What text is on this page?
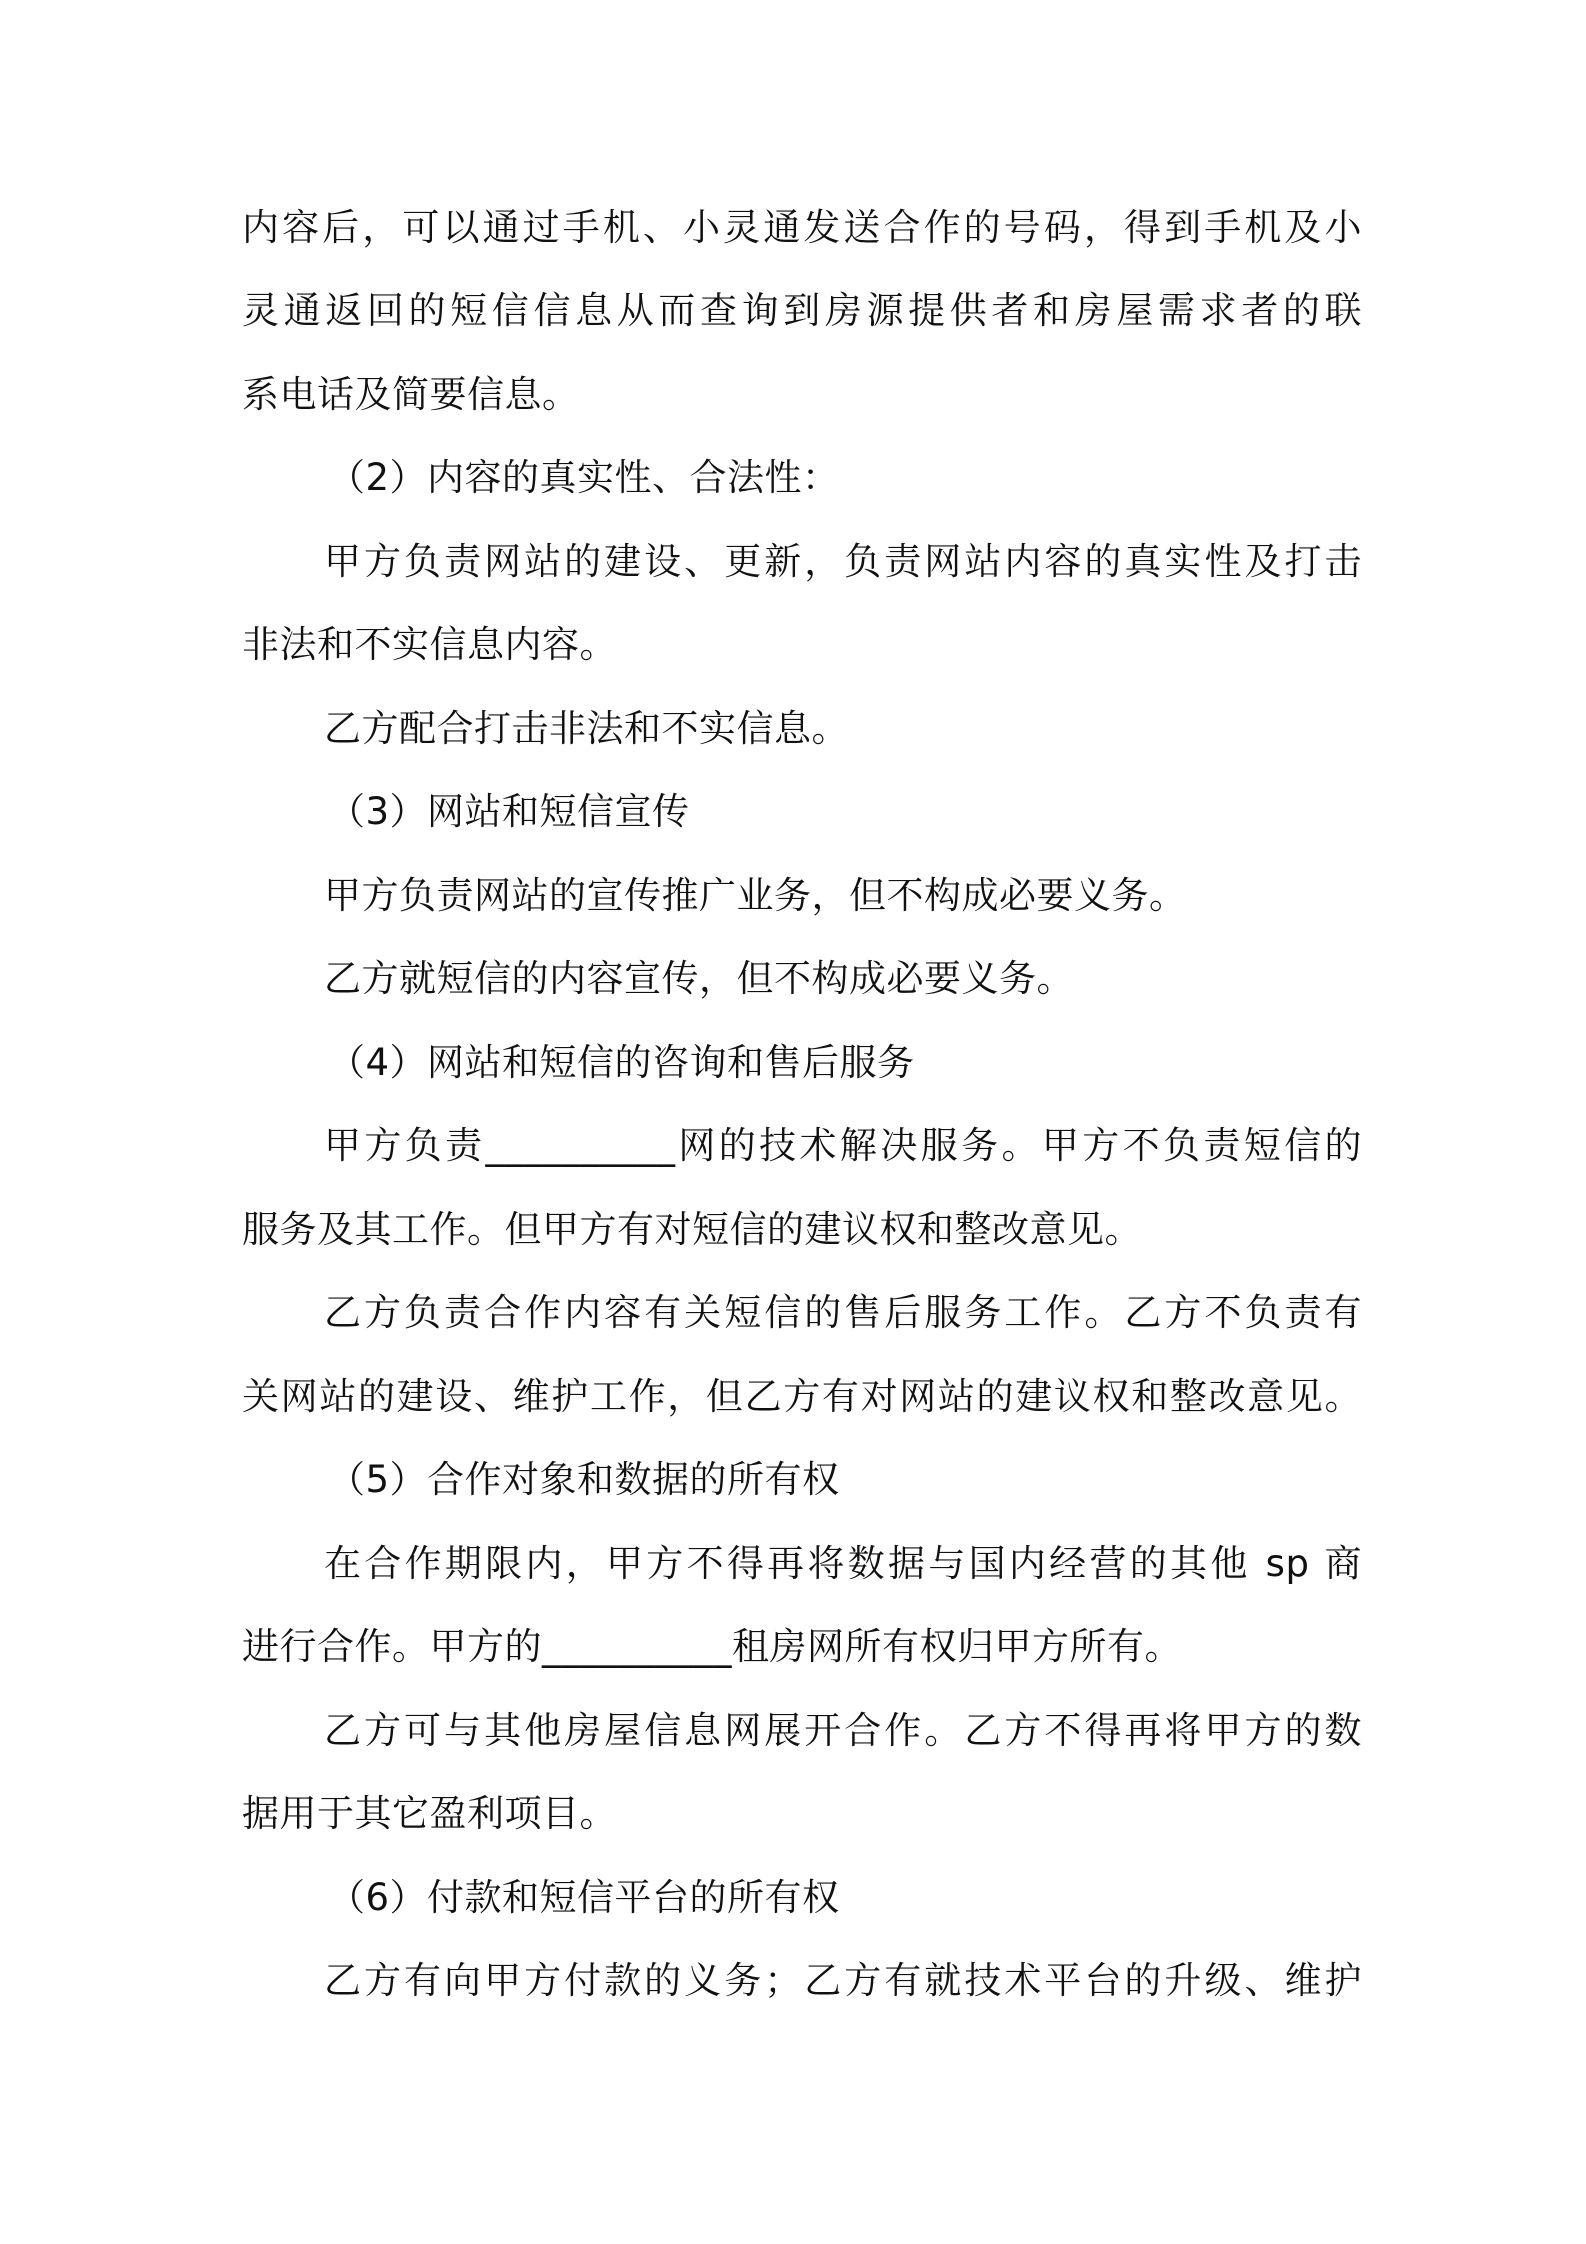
内容后，可以通过手机、小灵通发送合作的号码，得到手机及小
灵通返回的短信信息从而查询到房源提供者和房屋需求者的联
系电话及简要信息。
（2）内容的真实性、合法性：
甲方负责网站的建设、更新，负责网站内容的真实性及打击
非法和不实信息内容。
乙方配合打击非法和不实信息。
（3）网站和短信宣传
甲方负责网站的宣传推广业务，但不构成必要义务。
乙方就短信的内容宣传，但不构成必要义务。
（4）网站和短信的咨询和售后服务
甲方负责__________网的技术解决服务。甲方不负责短信的
服务及其工作。但甲方有对短信的建议权和整改意见。
乙方负责合作内容有关短信的售后服务工作。乙方不负责有
关网站的建设、维护工作，但乙方有对网站的建议权和整改意见。
（5）合作对象和数据的所有权
在合作期限内，甲方不得再将数据与国内经营的其他 sp 商
进行合作。甲方的__________租房网所有权归甲方所有。
乙方可与其他房屋信息网展开合作。乙方不得再将甲方的数
据用于其它盈利项目。
（6）付款和短信平台的所有权
乙方有向甲方付款的义务；乙方有就技术平台的升级、维护
